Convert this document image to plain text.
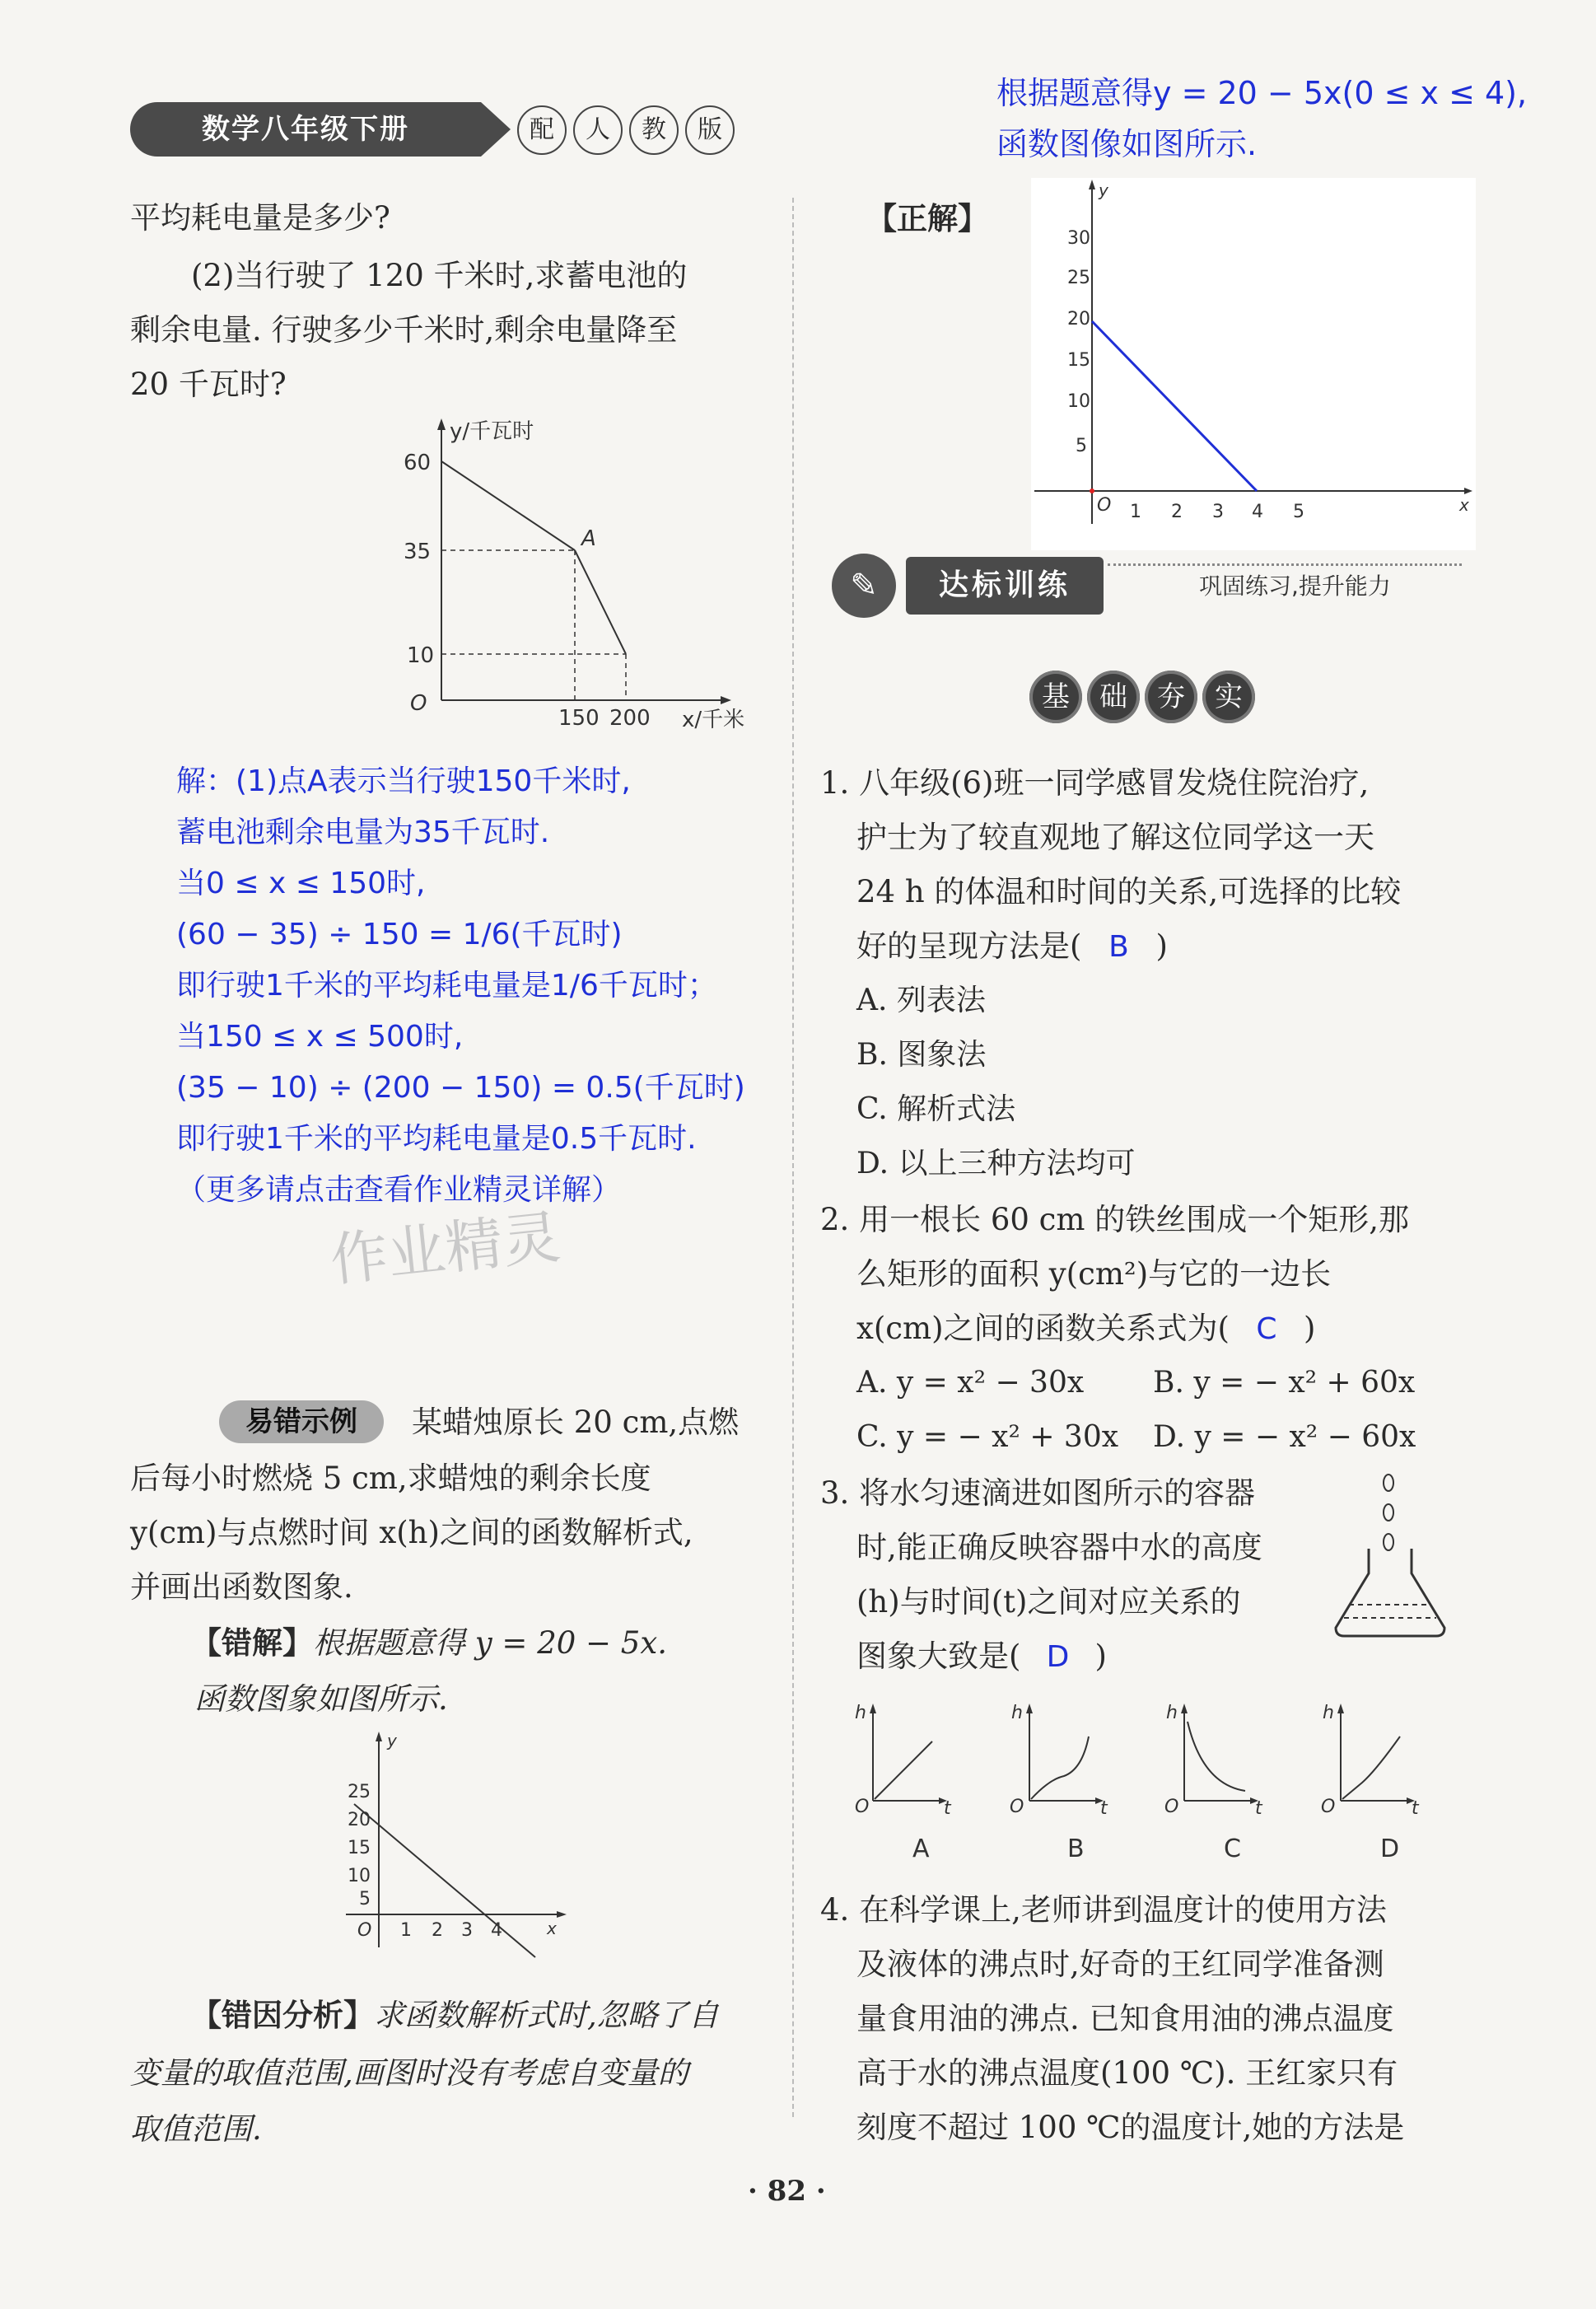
数学八年级下册	配	人	教	版
平均耗电量是多少?
(2)当行驶了 120 千米时,求蓄电池的
剩余电量. 行驶多少千米时,剩余电量降至
20 千瓦时?
y/千瓦时
x/千米
60
35
10
O
150 200
A
解：(1)点A表示当行驶150千米时,
蓄电池剩余电量为35千瓦时.
当0 ≤ x ≤ 150时,
(60 − 35) ÷ 150 = 1/6(千瓦时)
即行驶1千米的平均耗电量是1/6千瓦时；
当150 ≤ x ≤ 500时,
(35 − 10) ÷ (200 − 150) = 0.5(千瓦时)
即行驶1千米的平均耗电量是0.5千瓦时.
（更多请点击查看作业精灵详解）
作业精灵
易错示例	某蜡烛原长 20 cm,点燃
后每小时燃烧 5 cm,求蜡烛的剩余长度
y(cm)与点燃时间 x(h)之间的函数解析式,
并画出函数图象.
【错解】根据题意得 y = 20 − 5x.
函数图象如图所示.
25
20
15
10
5
O 1 2 3 4	x
y
【错因分析】求函数解析式时,忽略了自
变量的取值范围,画图时没有考虑自变量的
取值范围.
根据题意得y = 20 − 5x(0 ≤ x ≤ 4),
函数图像如图所示.
【正解】
y
x
30
25
20
15
10
5
O 1 2 3 4 5
✎	达标训练	巩固练习,提升能力
基	础	夯	实
1. 八年级(6)班一同学感冒发烧住院治疗,
护士为了较直观地了解这位同学这一天
24 h 的体温和时间的关系,可选择的比较
好的呈现方法是( B )
A. 列表法
B. 图象法
C. 解析式法
D. 以上三种方法均可
2. 用一根长 60 cm 的铁丝围成一个矩形,那
么矩形的面积 y(cm²)与它的一边长
x(cm)之间的函数关系式为( C )
A. y = x² − 30x B. y = − x² + 60x
C. y = − x² + 30x D. y = − x² − 60x
3. 将水匀速滴进如图所示的容器
时,能正确反映容器中水的高度
(h)与时间(t)之间对应关系的
图象大致是( D )
h
O	t
A
h
O	t
B
h
O	t
C
h
O	t
D
4. 在科学课上,老师讲到温度计的使用方法
及液体的沸点时,好奇的王红同学准备测
量食用油的沸点. 已知食用油的沸点温度
高于水的沸点温度(100 ℃). 王红家只有
刻度不超过 100 ℃的温度计,她的方法是
· 82 ·
